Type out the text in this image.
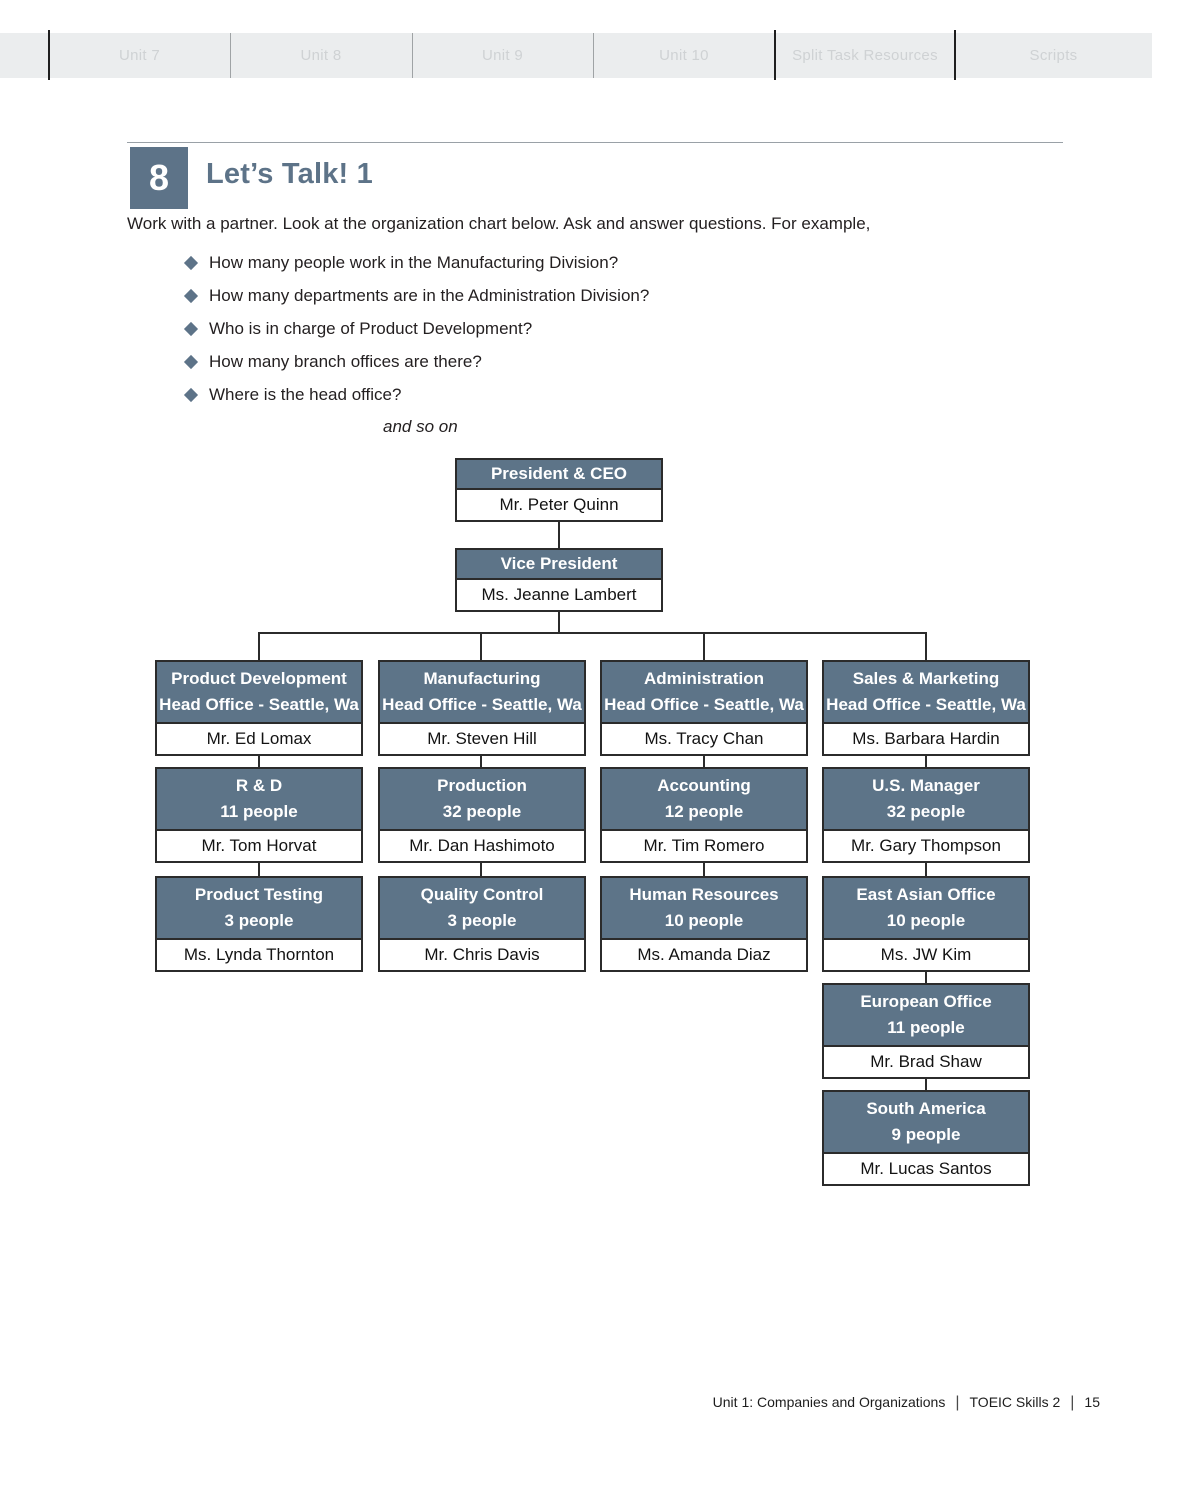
Unit 7	Unit 8	Unit 9	Unit 10	Split Task Resources	Scripts
8	Let’s Talk! 1
Work with a partner. Look at the organization chart below. Ask and answer questions. For example,
How many people work in the Manufacturing Division?
How many departments are in the Administration Division?
Who is in charge of Product Development?
How many branch offices are there?
Where is the head office?
and so on
President & CEO
Mr. Peter Quinn
Vice President
Ms. Jeanne Lambert
Product Development
Head Office - Seattle, Wa
Mr. Ed Lomax
Manufacturing
Head Office - Seattle, Wa
Mr. Steven Hill
Administration
Head Office - Seattle, Wa
Ms. Tracy Chan
Sales & Marketing
Head Office - Seattle, Wa
Ms. Barbara Hardin
R & D
11 people
Mr. Tom Horvat
Production
32 people
Mr. Dan Hashimoto
Accounting
12 people
Mr. Tim Romero
U.S. Manager
32 people
Mr. Gary Thompson
Product Testing
3 people
Ms. Lynda Thornton
Quality Control
3 people
Mr. Chris Davis
Human Resources
10 people
Ms. Amanda Diaz
East Asian Office
10 people
Ms. JW Kim
European Office
11 people
Mr. Brad Shaw
South America
9 people
Mr. Lucas Santos
Unit 1: Companies and Organizations | TOEIC Skills 2 | 15
